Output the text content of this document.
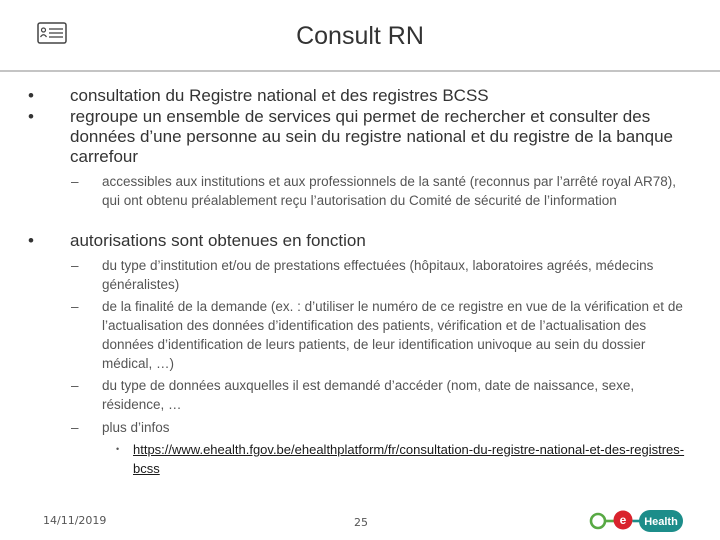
Consult RN
• consultation du Registre national et des registres BCSS
• regroupe un ensemble de services qui permet de rechercher et consulter des données d’une personne au sein du registre national et du registre de la banque carrefour
– accessibles aux institutions et aux professionnels de la santé (reconnus par l’arrêté royal AR78), qui ont obtenu préalablement reçu l’autorisation du Comité de sécurité de l’information
• autorisations sont obtenues en fonction
– du type d’institution et/ou de prestations effectuées (hôpitaux, laboratoires agréés, médecins généralistes)
– de la finalité de la demande (ex. : d’utiliser le numéro de ce registre en vue de la vérification et de l’actualisation des données d’identification des patients, vérification et de l’actualisation des données d’identification de leurs patients, de leur identification univoque au sein du dossier médical, …)
– du type de données auxquelles il est demandé d’accéder (nom, date de naissance, sexe, résidence, …
– plus d’infos
• https://www.ehealth.fgov.be/ehealthplatform/fr/consultation-du-registre-national-et-des-registres-bcss
14/11/2019	25	e Health
